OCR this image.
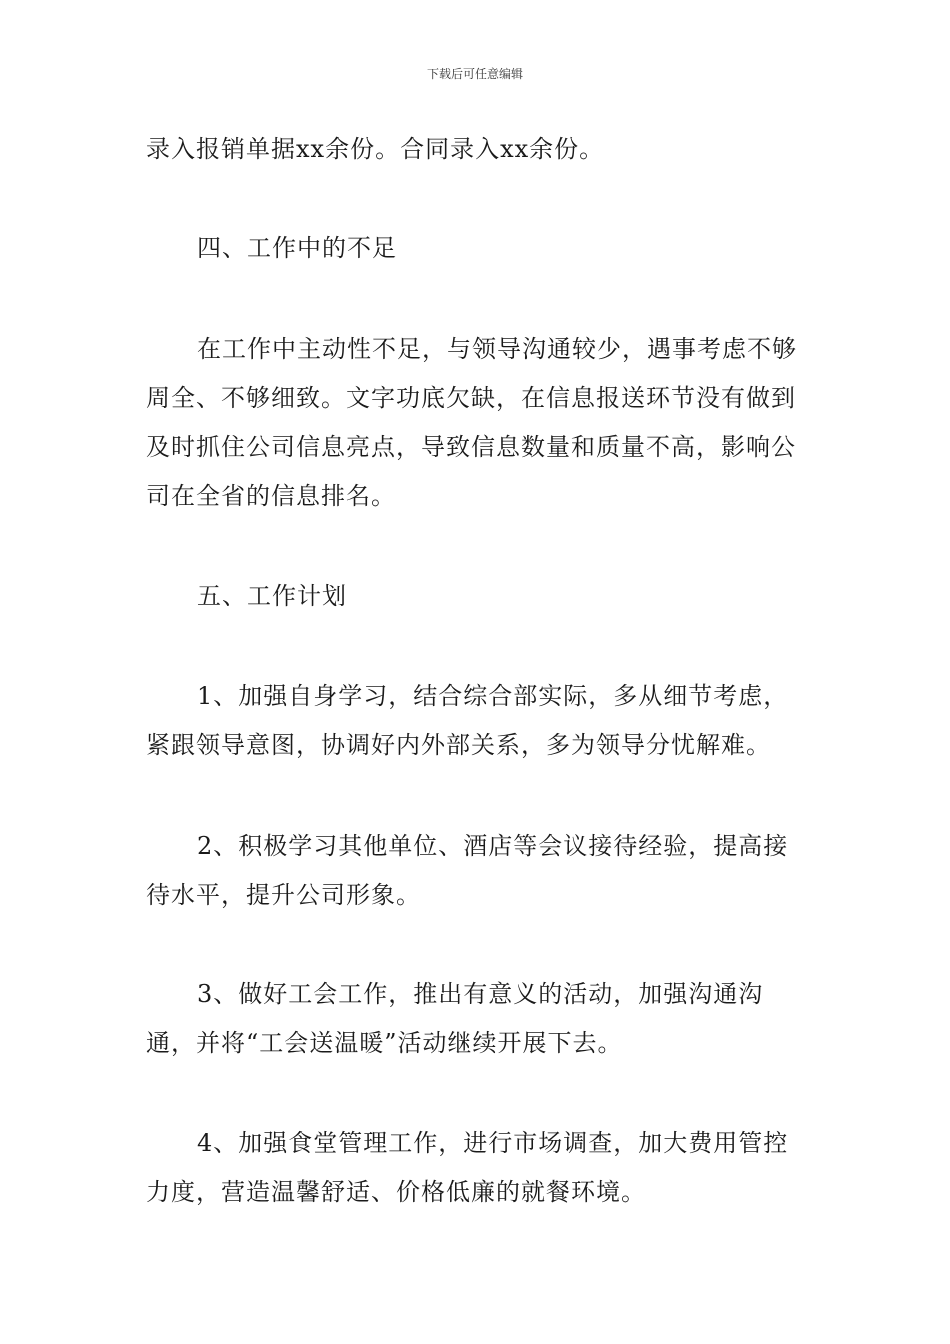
下载后可任意编辑

录入报销单据xx余份。合同录入xx余份。

四、工作中的不足

在工作中主动性不足，与领导沟通较少，遇事考虑不够周全、不够细致。文字功底欠缺，在信息报送环节没有做到及时抓住公司信息亮点，导致信息数量和质量不高，影响公司在全省的信息排名。

五、工作计划

1、加强自身学习，结合综合部实际，多从细节考虑，紧跟领导意图，协调好内外部关系，多为领导分忧解难。

2、积极学习其他单位、酒店等会议接待经验，提高接待水平，提升公司形象。

3、做好工会工作，推出有意义的活动，加强沟通沟通，并将“工会送温暖”活动继续开展下去。

4、加强食堂管理工作，进行市场调查，加大费用管控力度，营造温馨舒适、价格低廉的就餐环境。
